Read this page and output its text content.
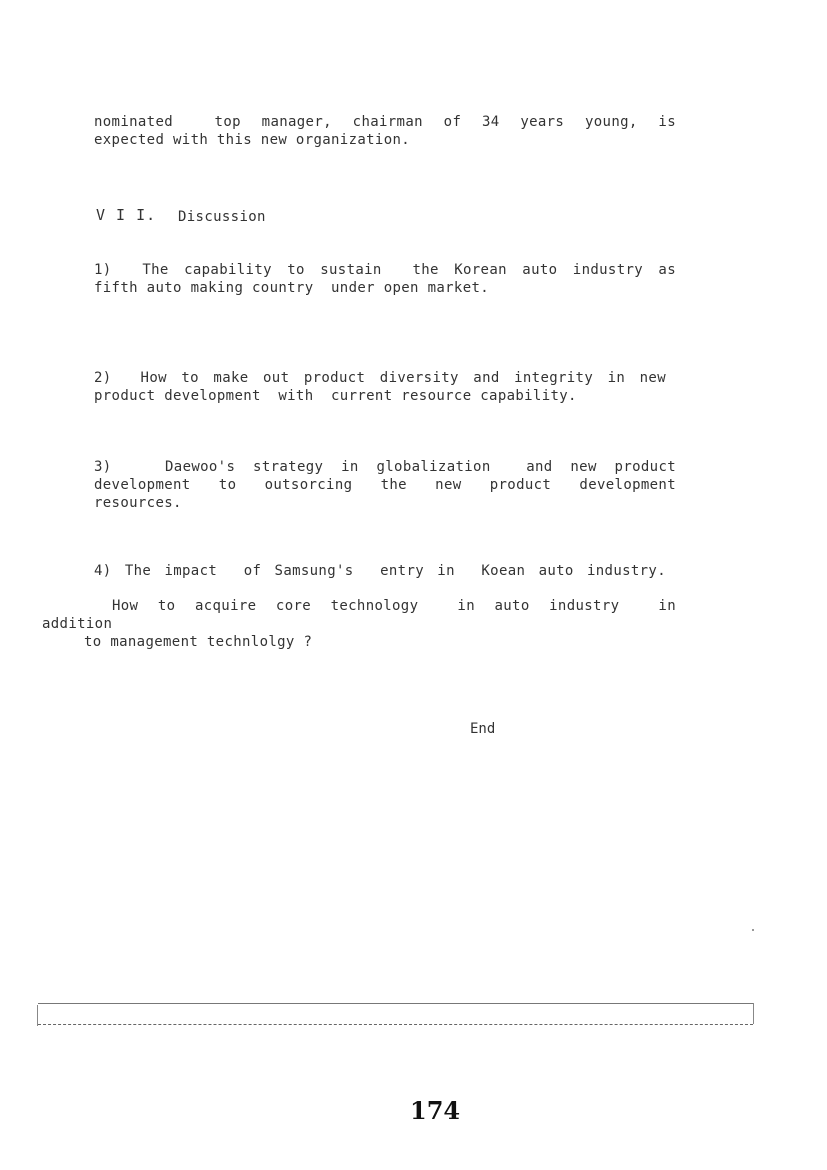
nominated  top manager, chairman of 34 years young, is
expected with this new organization.
V I I. Discussion
1)  The capability to sustain  the Korean auto industry as
fifth auto making country  under open market.
2)  How to make out product diversity and integrity in new
product development  with  current resource capability.
3)   Daewoo's strategy in globalization  and new product
development  to  outsorcing  the  new  product  development
resources.
4) The impact  of Samsung's  entry in  Koean auto industry.
How to acquire core technology  in auto industry  in
addition
to management technlolgy ?
End
174
